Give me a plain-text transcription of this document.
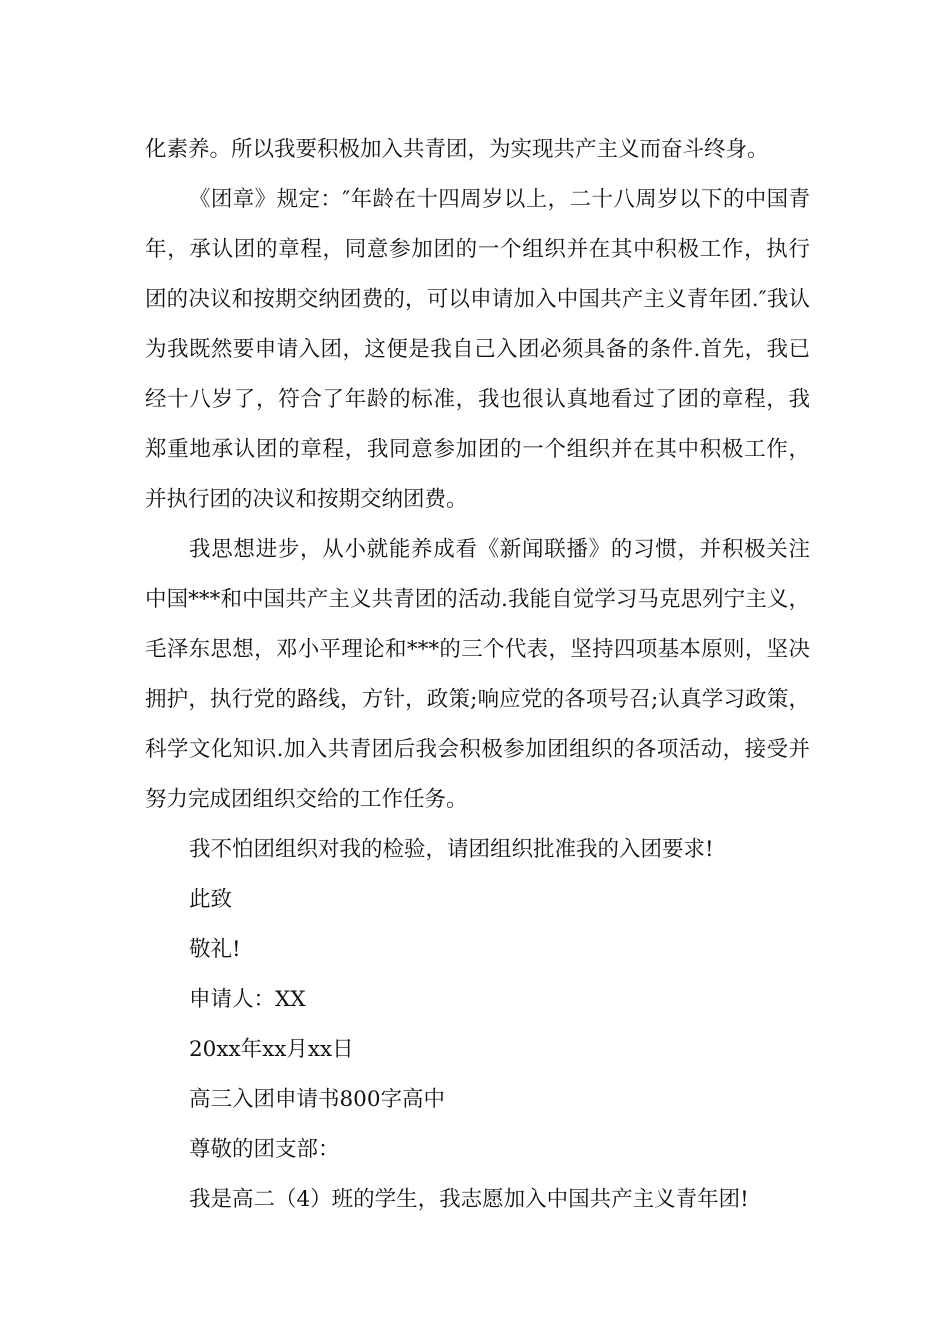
化素养。所以我要积极加入共青团，为实现共产主义而奋斗终身。

《团章》规定：″年龄在十四周岁以上，二十八周岁以下的中国青年，承认团的章程，同意参加团的一个组织并在其中积极工作，执行团的决议和按期交纳团费的，可以申请加入中国共产主义青年团.″我认为我既然要申请入团，这便是我自己入团必须具备的条件.首先，我已经十八岁了，符合了年龄的标准，我也很认真地看过了团的章程，我郑重地承认团的章程，我同意参加团的一个组织并在其中积极工作，并执行团的决议和按期交纳团费。

我思想进步，从小就能养成看《新闻联播》的习惯，并积极关注中国***和中国共产主义共青团的活动.我能自觉学习马克思列宁主义，毛泽东思想，邓小平理论和***的三个代表，坚持四项基本原则，坚决拥护，执行党的路线，方针，政策;响应党的各项号召;认真学习政策，科学文化知识.加入共青团后我会积极参加团组织的各项活动，接受并努力完成团组织交给的工作任务。

我不怕团组织对我的检验，请团组织批准我的入团要求!

此致

敬礼!

申请人：XX

20xx年xx月xx日

高三入团申请书800字高中

尊敬的团支部：

我是高二（4）班的学生，我志愿加入中国共产主义青年团!
